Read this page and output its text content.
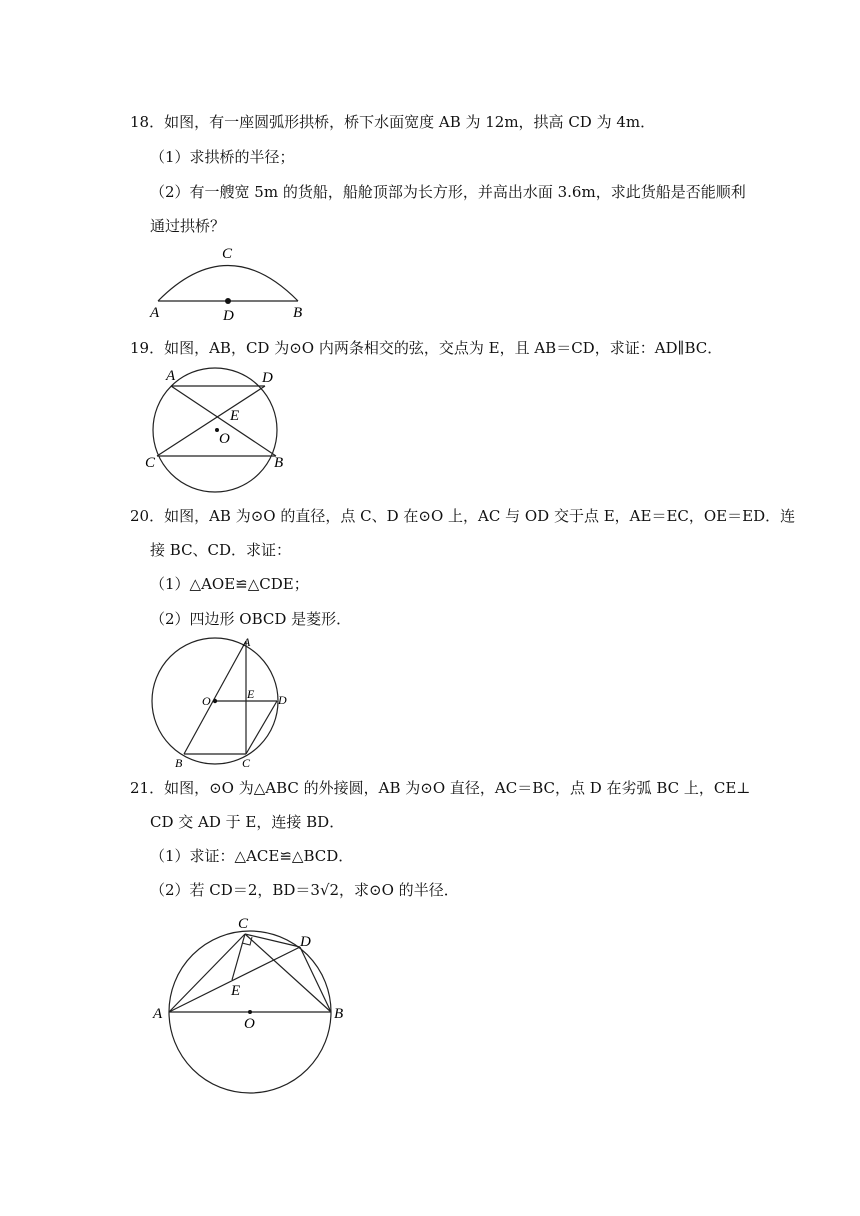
18．如图，有一座圆弧形拱桥，桥下水面宽度 AB 为 12m，拱高 CD 为 4m．
（1）求拱桥的半径；
（2）有一艘宽 5m 的货船，船舱顶部为长方形，并高出水面 3.6m，求此货船是否能顺利
通过拱桥？
C
A	D	B
19．如图，AB，CD 为⊙O 内两条相交的弦，交点为 E，且 AB＝CD，求证：AD∥BC．
A	D
E
O
C	B
20．如图，AB 为⊙O 的直径，点 C、D 在⊙O 上，AC 与 OD 交于点 E，AE＝EC，OE＝ED．连
接 BC、CD．求证：
（1）△AOE≌△CDE；
（2）四边形 OBCD 是菱形．
A
O	E D
B	C
21．如图，⊙O 为△ABC 的外接圆，AB 为⊙O 直径，AC＝BC，点 D 在劣弧 BC 上，CE⊥
CD 交 AD 于 E，连接 BD．
（1）求证：△ACE≌△BCD．
（2）若 CD＝2，BD＝3√2，求⊙O 的半径．
C
D
E
A	B
O
